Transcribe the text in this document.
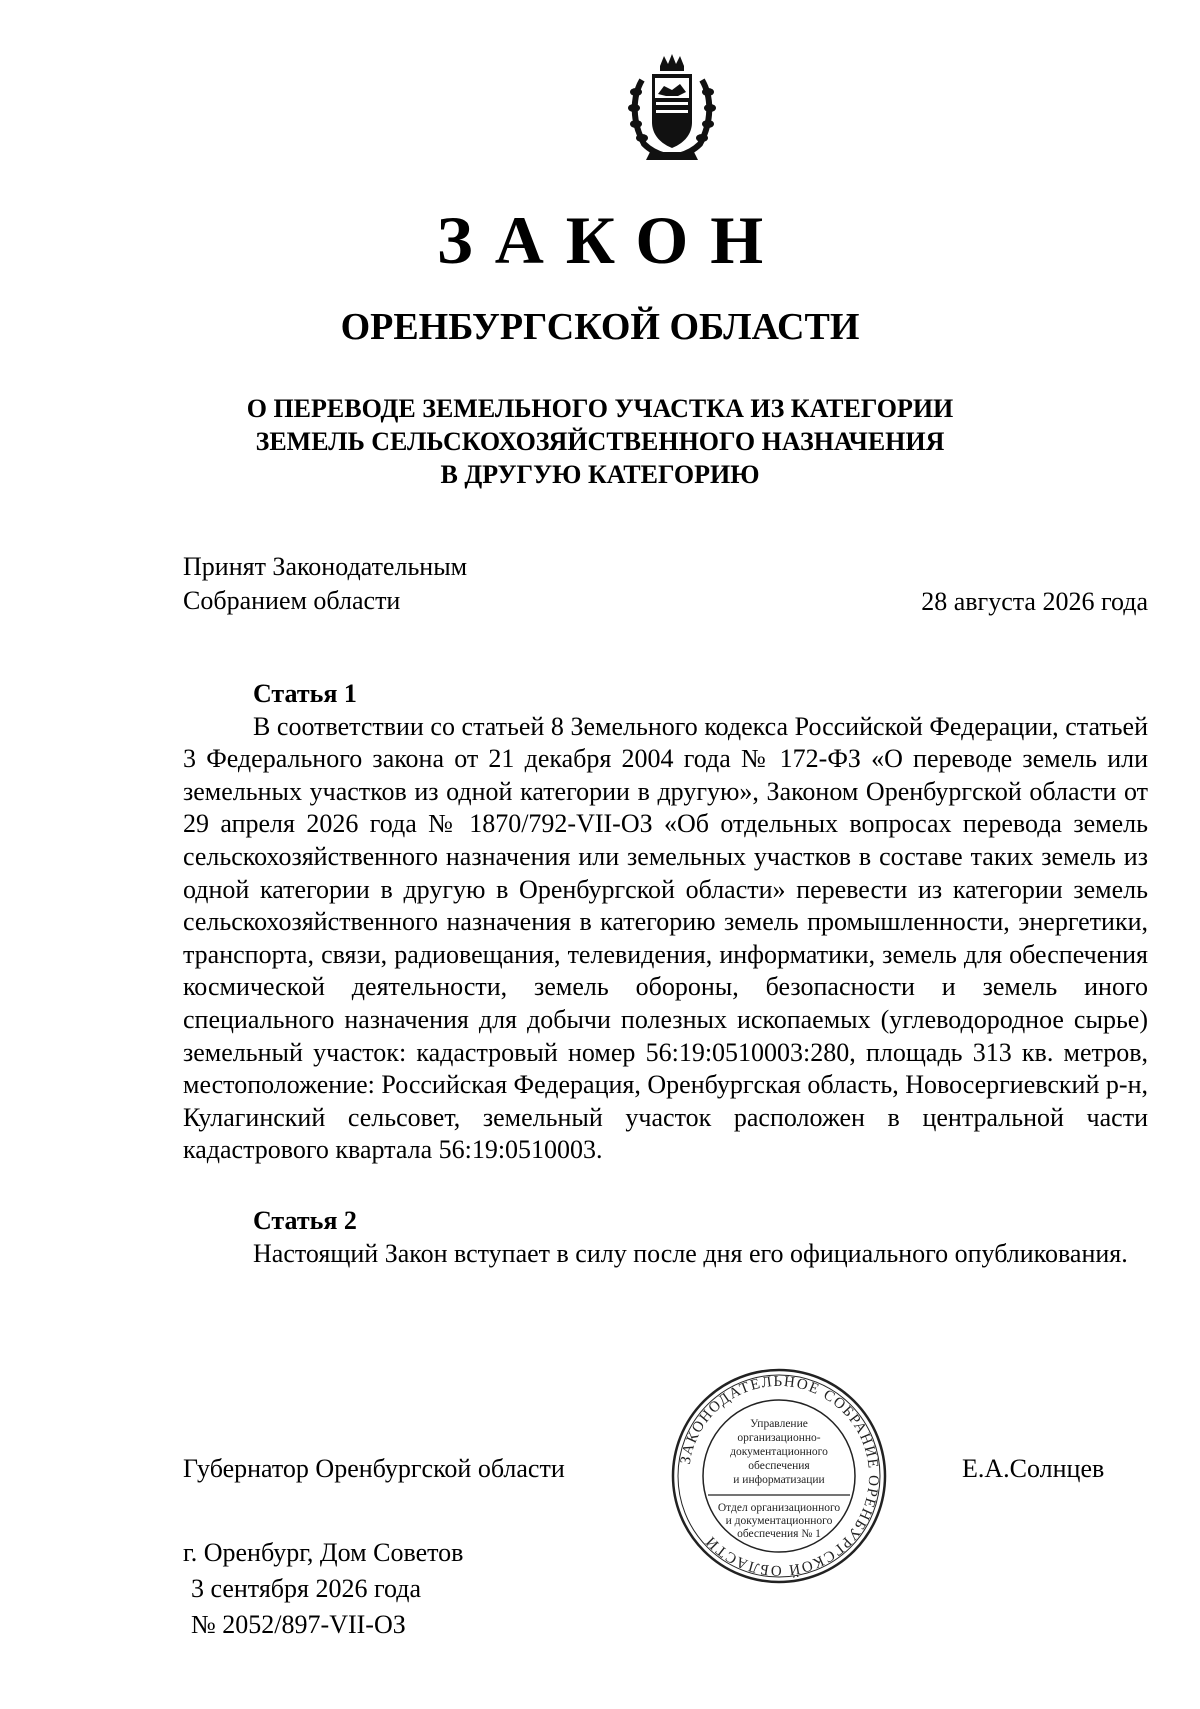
ЗАКОН
ОРЕНБУРГСКОЙ ОБЛАСТИ
О ПЕРЕВОДЕ ЗЕМЕЛЬНОГО УЧАСТКА ИЗ КАТЕГОРИИ
ЗЕМЕЛЬ СЕЛЬСКОХОЗЯЙСТВЕННОГО НАЗНАЧЕНИЯ
В ДРУГУЮ КАТЕГОРИЮ
Принят Законодательным
Собранием области	28 августа 2026 года
Статья 1

В соответствии со статьей 8 Земельного кодекса Российской Федерации, статьей 3 Федерального закона от 21 декабря 2004 года № 172-ФЗ «О переводе земель или земельных участков из одной категории в другую», Законом Оренбургской области от 29 апреля 2026 года № 1870/792-VII-ОЗ «Об отдельных вопросах перевода земель сельскохозяйственного назначения или земельных участков в составе таких земель из одной категории в другую в Оренбургской области» перевести из категории земель сельскохозяйственного назначения в категорию земель промышленности, энергетики, транспорта, связи, радиовещания, телевидения, информатики, земель для обеспечения космической деятельности, земель обороны, безопасности и земель иного специального назначения для добычи полезных ископаемых (углеводородное сырье) земельный участок: кадастровый номер 56:19:0510003:280, площадь 313 кв. метров, местоположение: Российская Федерация, Оренбургская область, Новосергиевский р-н, Кулагинский сельсовет, земельный участок расположен в центральной части кадастрового квартала 56:19:0510003.

Статья 2

Настоящий Закон вступает в силу после дня его официального опубликования.

Губернатор Оренбургской области	Е.А.Солнцев
ЗАКОНОДАТЕЛЬНОЕ СОБРАНИЕ ОРЕНБУРГСКОЙ ОБЛАСТИ
Управление
организационно-
документационного
обеспечения
и информатизации
Отдел организационного
и документационного
обеспечения № 1
г. Оренбург, Дом Советов
3 сентября 2026 года
№ 2052/897-VII-ОЗ
